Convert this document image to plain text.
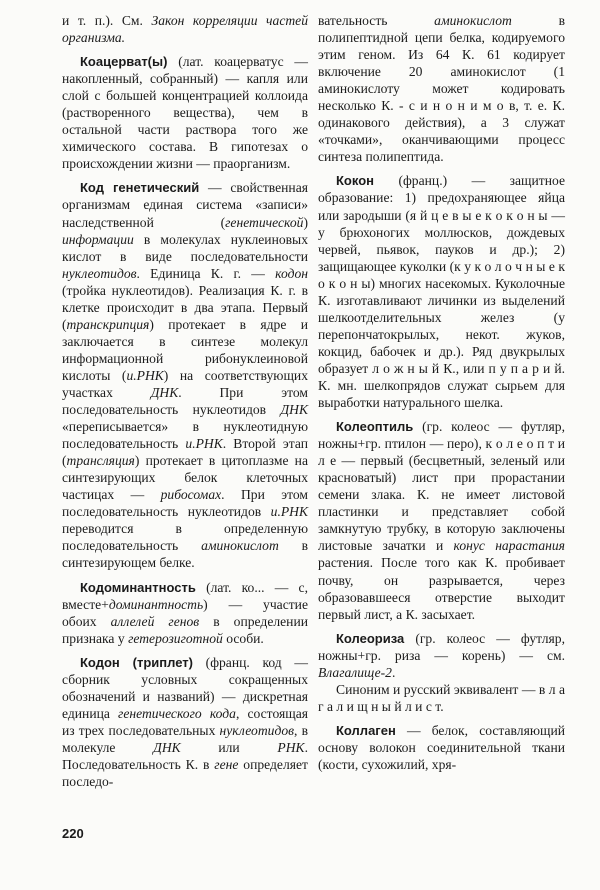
и т. п.). См. Закон корреляции частей организма.

Коацерват(ы) (лат. коацерватус — накопленный, собранный) — капля или слой с большей концентрацией коллоида (растворенного вещества), чем в остальной части раствора того же химического состава. В гипотезах о происхождении жизни — праорганизм.

Код генетический — свойственная организмам единая система «записи» наследственной (генетической) информации в молекулах нуклеиновых кислот в виде последовательности нуклеотидов. Единица К. г. — кодон (тройка нуклеотидов). Реализация К. г. в клетке происходит в два этапа. Первый (транскрипция) протекает в ядре и заключается в синтезе молекул информационной рибонуклеиновой кислоты (и.РНК) на соответствующих участках ДНК. При этом последовательность нуклеотидов ДНК «переписывается» в нуклеотидную последовательность и.РНК. Второй этап (трансляция) протекает в цитоплазме на синтезирующих белок клеточных частицах — рибосомах. При этом последовательность нуклеотидов и.РНК переводится в определенную последовательность аминокислот в синтезирующем белке.

Кодоминантность (лат. ко... — с, вместе+доминантность) — участие обоих аллелей генов в определении признака у гетерозиготной особи.

Кодон (триплет) (франц. код — сборник условных сокращенных обозначений и названий) — дискретная единица генетического кода, состоящая из трех последовательных нуклеотидов, в молекуле ДНК или РНК. Последовательность К. в гене определяет последо-

вательность аминокислот в полипептидной цепи белка, кодируемого этим геном. Из 64 К. 61 кодирует включение 20 аминокислот (1 аминокислоту может кодировать несколько К. - с и н о н и м о в, т. е. К. одинакового действия), а 3 служат «точками», оканчивающими процесс синтеза полипептида.

Кокон (франц.) — защитное образование: 1) предохраняющее яйца или зародыши (я й ц е в ы е к о к о н ы — у брюхоногих моллюсков, дождевых червей, пьявок, пауков и др.); 2) защищающее куколки (к у к о л о ч н ы е к о к о н ы) многих насекомых. Куколочные К. изготавливают личинки из выделений шелкоотделительных желез (у перепончатокрылых, некот. жуков, кокцид, бабочек и др.). Ряд двукрылых образует л о ж н ы й К., или п у п а р и й. К. мн. шелкопрядов служат сырьем для выработки натурального шелка.

Колеоптиль (гр. колеос — футляр, ножны+гр. птилон — перо), к о л е о п т и л е — первый (бесцветный, зеленый или красноватый) лист при прорастании семени злака. К. не имеет листовой пластинки и представляет собой замкнутую трубку, в которую заключены листовые зачатки и конус нарастания растения. После того как К. пробивает почву, он разрывается, через образовавшееся отверстие выходит первый лист, а К. засыхает.

Колеориза (гр. колеос — футляр, ножны+гр. риза — корень) — см. Влагалище-2.

Синоним и русский эквивалент — в л а г а л и щ н ы й л и с т.

Коллаген — белок, составляющий основу волокон соединительной ткани (кости, сухожилий, хря-

220
